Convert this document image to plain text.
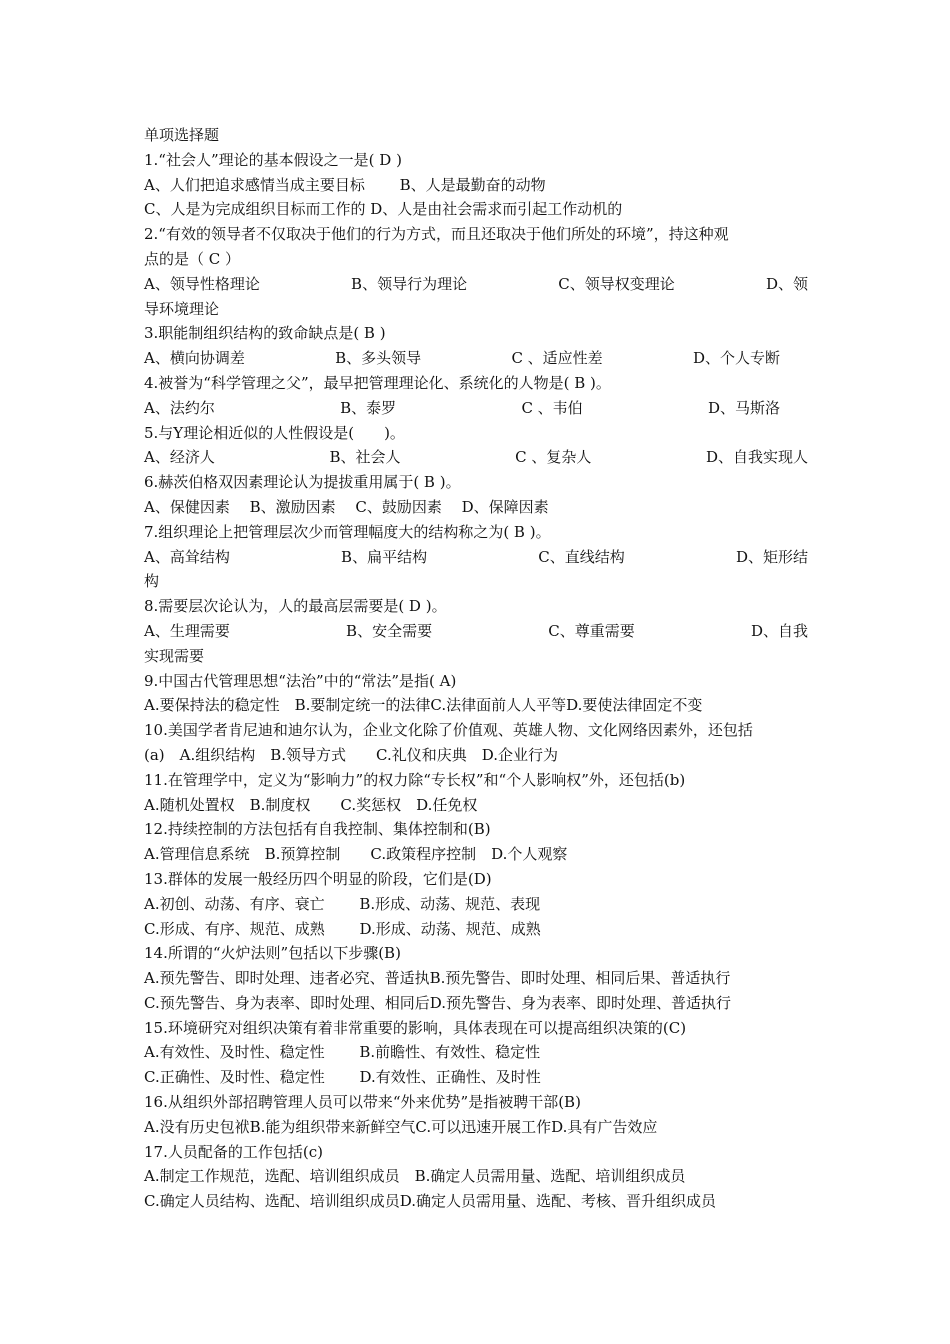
单项选择题
1.“社会人”理论的基本假设之一是( D )
A、人们把追求感情当成主要目标　　 B、人是最勤奋的动物
C、人是为完成组织目标而工作的 D、人是由社会需求而引起工作动机的
2.“有效的领导者不仅取决于他们的行为方式，而且还取决于他们所处的环境”，持这种观
点的是（ C ）
A、领导性格理论	B、领导行为理论	C、领导权变理论	D、领
导环境理论
3.职能制组织结构的致命缺点是( B )
A、横向协调差	B、多头领导	C 、适应性差	D、个人专断
4.被誉为“科学管理之父”，最早把管理理论化、系统化的人物是( B )。
A、法约尔	B、泰罗	C 、韦伯	D、马斯洛
5.与Y理论相近似的人性假设是(　　)。
A、经济人	B、社会人	C 、复杂人	D、自我实现人
6.赫茨伯格双因素理论认为提拔重用属于( B )。
A、保健因素　 B、激励因素　 C、鼓励因素　 D、保障因素
7.组织理论上把管理层次少而管理幅度大的结构称之为( B )。
A、高耸结构	B、扁平结构	C、直线结构	D、矩形结
构
8.需要层次论认为，人的最高层需要是( D )。
A、生理需要	B、安全需要	C、尊重需要	D、自我
实现需要
9.中国古代管理思想“法治”中的“常法”是指( A)
A.要保持法的稳定性　B.要制定统一的法律C.法律面前人人平等D.要使法律固定不变
10.美国学者肯尼迪和迪尔认为，企业文化除了价值观、英雄人物、文化网络因素外，还包括
(a)　A.组织结构　B.领导方式　　C.礼仪和庆典　D.企业行为
11.在管理学中，定义为“影响力”的权力除“专长权”和“个人影响权”外，还包括(b)
A.随机处置权　B.制度权　　C.奖惩权　D.任免权
12.持续控制的方法包括有自我控制、集体控制和(B)
A.管理信息系统　B.预算控制　　C.政策程序控制　D.个人观察
13.群体的发展一般经历四个明显的阶段，它们是(D)
A.初创、动荡、有序、衰亡　　 B.形成、动荡、规范、表现
C.形成、有序、规范、成熟　　 D.形成、动荡、规范、成熟
14.所谓的“火炉法则”包括以下步骤(B)
A.预先警告、即时处理、违者必究、普适执B.预先警告、即时处理、相同后果、普适执行
C.预先警告、身为表率、即时处理、相同后D.预先警告、身为表率、即时处理、普适执行
15.环境研究对组织决策有着非常重要的影响，具体表现在可以提高组织决策的(C)
A.有效性、及时性、稳定性　　 B.前瞻性、有效性、稳定性
C.正确性、及时性、稳定性　　 D.有效性、正确性、及时性
16.从组织外部招聘管理人员可以带来“外来优势”是指被聘干部(B)
A.没有历史包袱B.能为组织带来新鲜空气C.可以迅速开展工作D.具有广告效应
17.人员配备的工作包括(c)
A.制定工作规范，选配、培训组织成员　B.确定人员需用量、选配、培训组织成员
C.确定人员结构、选配、培训组织成员D.确定人员需用量、选配、考核、晋升组织成员
